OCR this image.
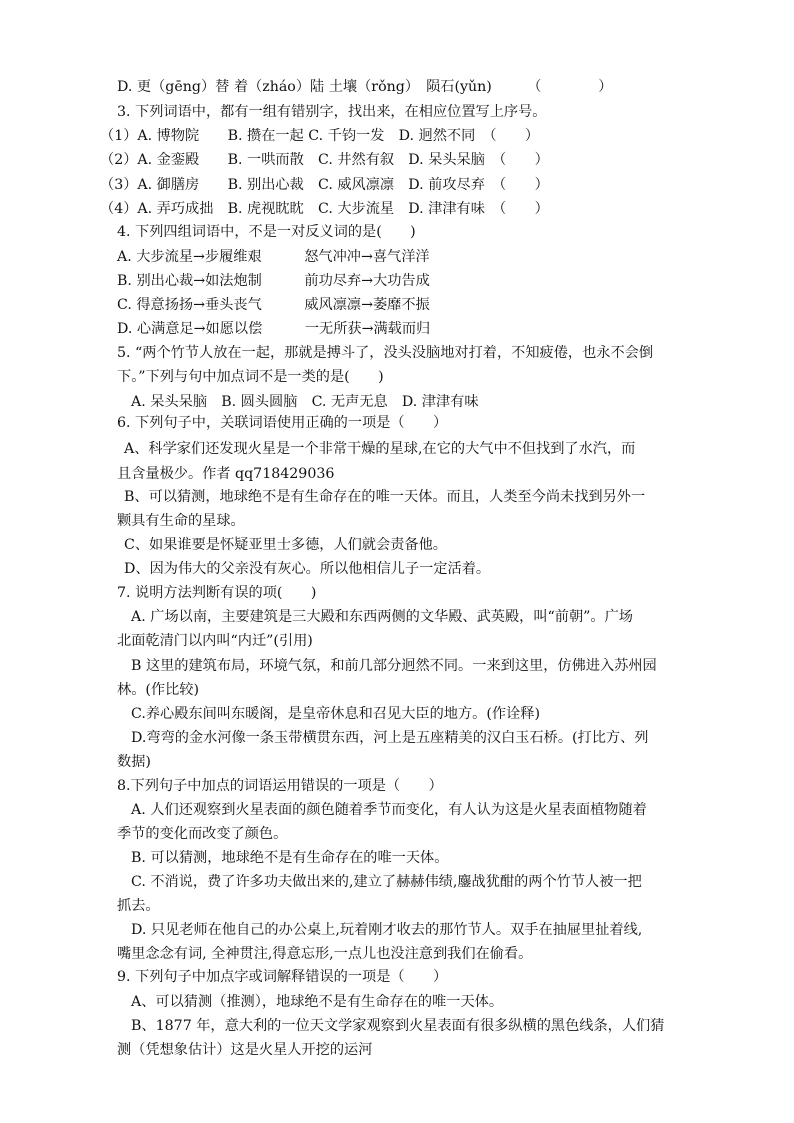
D. 更（gēng）替 着（zháo）陆 土壤（rǒng）　陨石(yǔn)　　　（　　　　）
3. 下列词语中，都有一组有错别字，找出来，在相应位置写上序号。
（1）A. 博物院　　B. 攒在一起 C. 千钧一发　D. 迥然不同　（　　）
（2）A. 金銮殿　　B. 一哄而散　C. 井然有叙　D. 呆头呆脑　（　　）
（3）A. 御膳房　　B. 别出心裁　C. 威风凛凛　D. 前攻尽弃　（　　）
（4）A. 弄巧成拙　B. 虎视眈眈　C. 大步流星　D. 津津有味　（　　）
4. 下列四组词语中，不是一对反义词的是(　　)
A. 大步流星→步履维艰　　　怒气冲冲→喜气洋洋
B. 别出心裁→如法炮制　　　前功尽弃→大功告成
C. 得意扬扬→垂头丧气　　　威风凛凛→萎靡不振
D. 心满意足→如愿以偿　　　一无所获→满载而归
5. “两个竹节人放在一起，那就是搏斗了，没头没脑地对打着，不知疲倦，也永不会倒
下。”下列与句中加点词不是一类的是(　　)
A. 呆头呆脑　B. 圆头圆脑　C. 无声无息　D. 津津有味
6. 下列句子中，关联词语使用正确的一项是（　　）
A、科学家们还发现火星是一个非常干燥的星球,在它的大气中不但找到了水汽，而
且含量极少。作者 qq718429036
B、可以猜测，地球绝不是有生命存在的唯一天体。而且，人类至今尚未找到另外一
颗具有生命的星球。
C、如果谁要是怀疑亚里士多德，人们就会责备他。
D、因为伟大的父亲没有灰心。所以他相信儿子一定活着。
7. 说明方法判断有误的项(　　)
A. 广场以南，主要建筑是三大殿和东西两侧的文华殿、武英殿，叫“前朝”。广场
北面乾清门以内叫“内迁”(引用)
B 这里的建筑布局，环境气氛，和前几部分迥然不同。一来到这里，仿佛进入苏州园
林。(作比较)
C.养心殿东间叫东暖阁，是皇帝休息和召见大臣的地方。(作诠释)
D.弯弯的金水河像一条玉带横贯东西，河上是五座精美的汉白玉石桥。(打比方、列
数据)
8.下列句子中加点的词语运用错误的一项是（　　）
A. 人们还观察到火星表面的颜色随着季节而变化，有人认为这是火星表面植物随着
季节的变化而改变了颜色。
B. 可以猜测，地球绝不是有生命存在的唯一天体。
C. 不消说，费了许多功夫做出来的,建立了赫赫伟绩,鏖战犹酣的两个竹节人被一把
抓去。
D. 只见老师在他自己的办公桌上,玩着刚才收去的那竹节人。双手在抽屉里扯着线,
嘴里念念有词, 全神贯注,得意忘形,一点儿也没注意到我们在偷看。
9. 下列句子中加点字或词解释错误的一项是（　　）
A、可以猜测（推测），地球绝不是有生命存在的唯一天体。
B、1877 年，意大利的一位天文学家观察到火星表面有很多纵横的黑色线条，人们猜
测（凭想象估计）这是火星人开挖的运河
